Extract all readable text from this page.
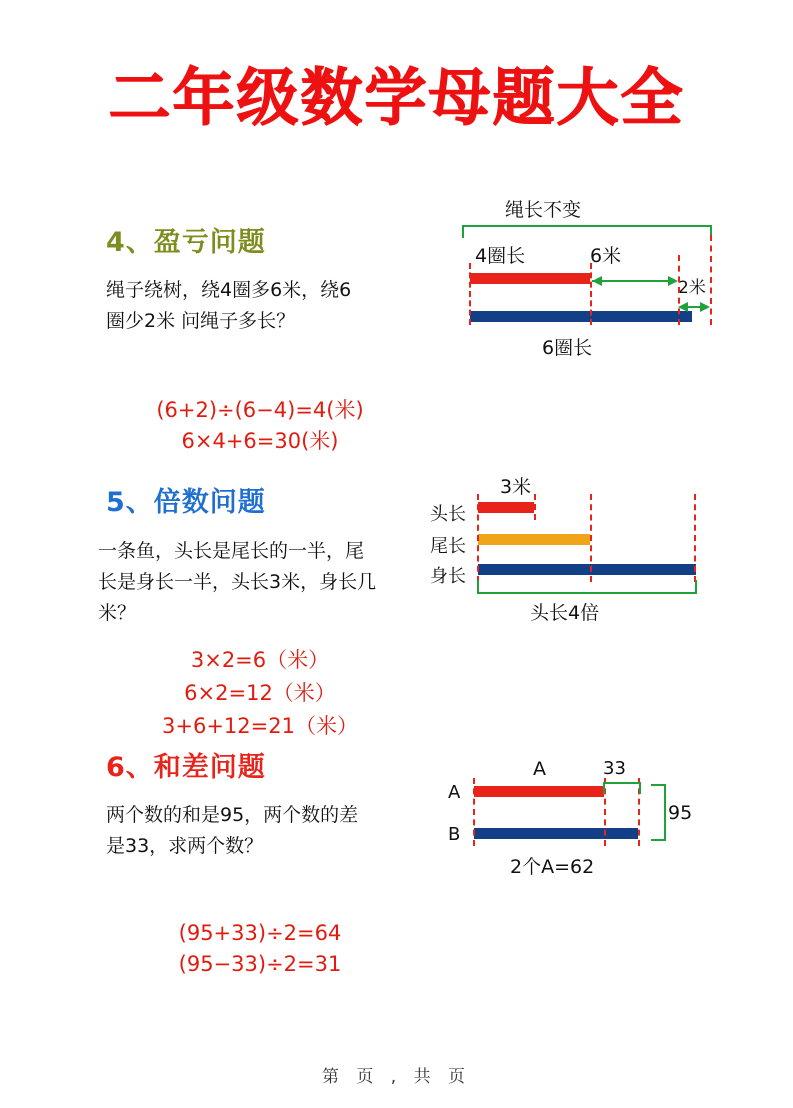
二年级数学母题大全
4、盈亏问题
绳子绕树，绕4圈多6米，绕6圈少2米 问绳子多长？
(6+2)÷(6−4)=4(米)
6×4+6=30(米)
绳长不变
4圈长	6米
2米
6圈长
5、倍数问题
一条鱼，头长是尾长的一半，尾长是身长一半，头长3米，身长几米？
3×2=6（米）
6×2=12（米）
3+6+12=21（米）
3米
头长
尾长
身长
头长4倍
6、和差问题
两个数的和是95，两个数的差是33，求两个数？
(95+33)÷2=64
(95−33)÷2=31
A	33
A
B
95
2个A=62
第 页 , 共 页
